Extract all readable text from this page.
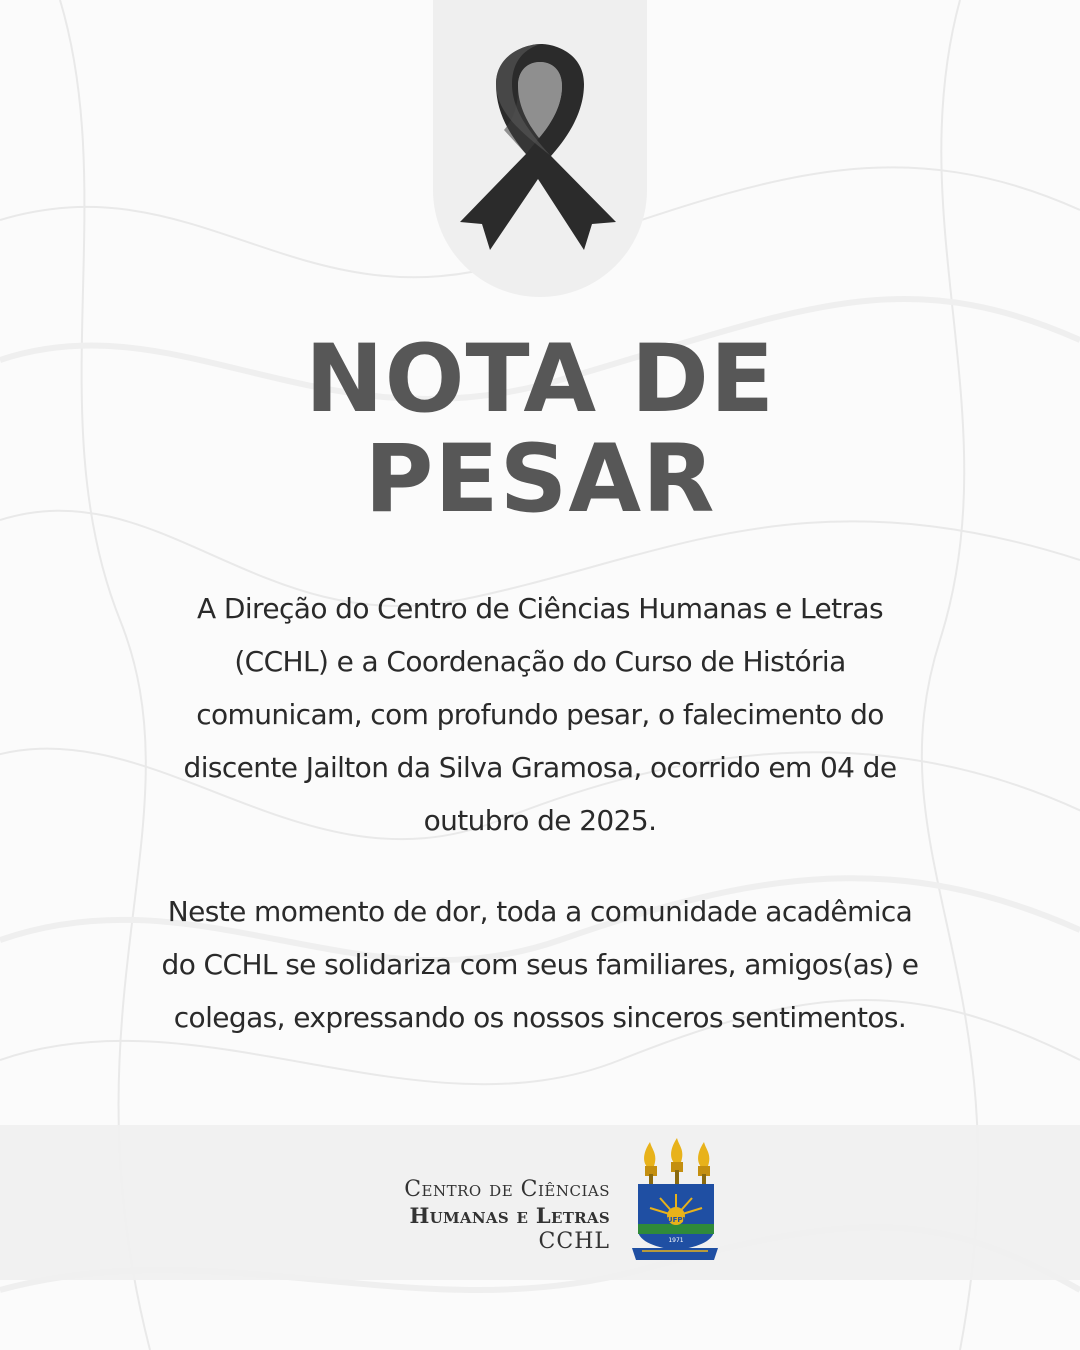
NOTA DE
PESAR
A Direção do Centro de Ciências Humanas e Letras
(CCHL) e a Coordenação do Curso de História
comunicam, com profundo pesar, o falecimento do
discente Jailton da Silva Gramosa, ocorrido em 04 de
outubro de 2025.
Neste momento de dor, toda a comunidade acadêmica
do CCHL se solidariza com seus familiares, amigos(as) e
colegas, expressando os nossos sinceros sentimentos.
Centro de Ciências
Humanas e Letras
CCHL
UFPI
1971
